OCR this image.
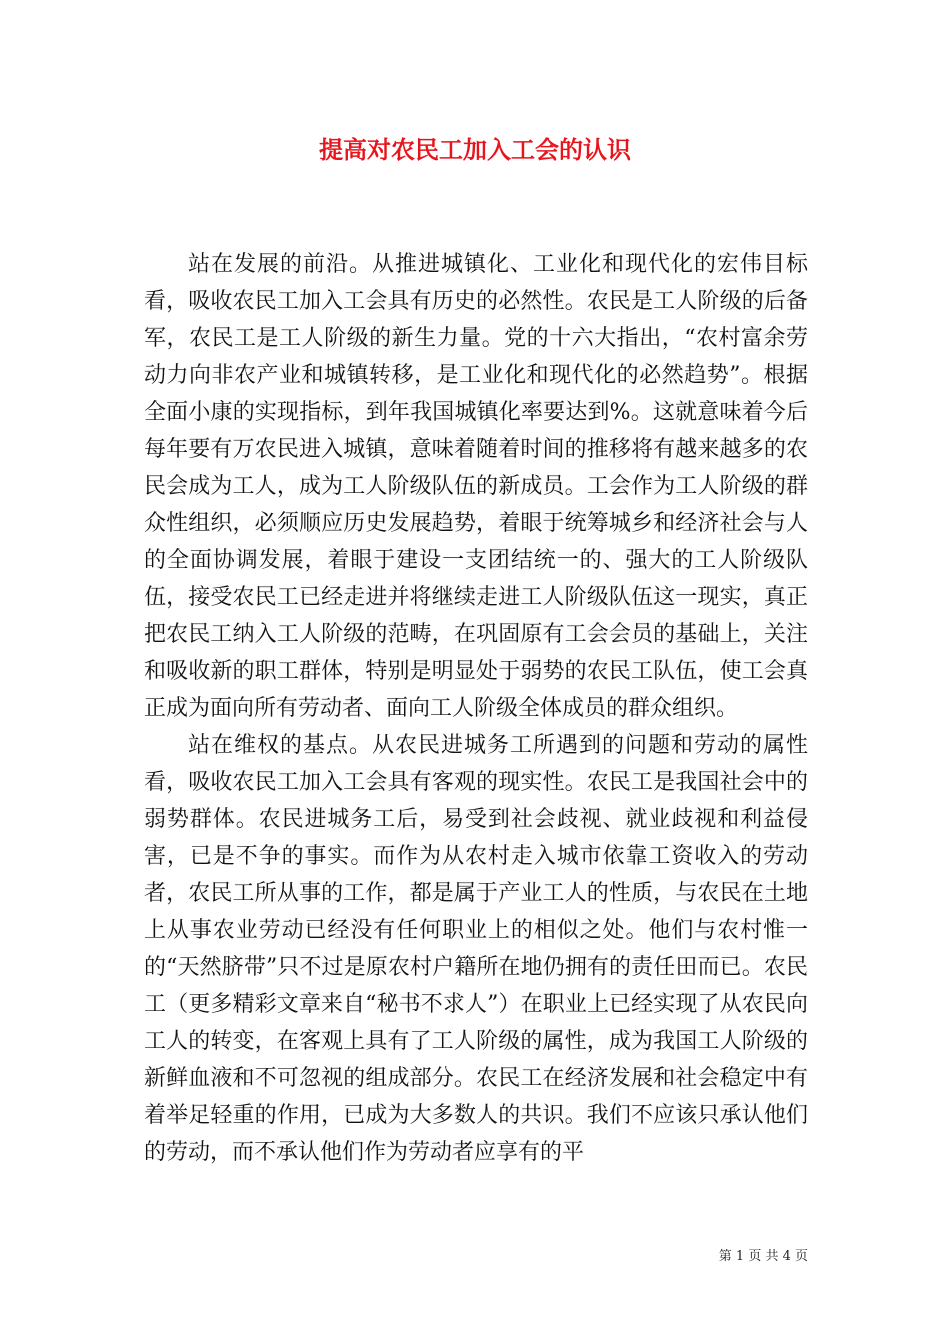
提高对农民工加入工会的认识

站在发展的前沿。从推进城镇化、工业化和现代化的宏伟目标看，吸收农民工加入工会具有历史的必然性。农民是工人阶级的后备军，农民工是工人阶级的新生力量。党的十六大指出，“农村富余劳动力向非农产业和城镇转移，是工业化和现代化的必然趋势”。根据全面小康的实现指标，到年我国城镇化率要达到%。这就意味着今后每年要有万农民进入城镇，意味着随着时间的推移将有越来越多的农民会成为工人，成为工人阶级队伍的新成员。工会作为工人阶级的群众性组织，必须顺应历史发展趋势，着眼于统筹城乡和经济社会与人的全面协调发展，着眼于建设一支团结统一的、强大的工人阶级队伍，接受农民工已经走进并将继续走进工人阶级队伍这一现实，真正把农民工纳入工人阶级的范畴，在巩固原有工会会员的基础上，关注和吸收新的职工群体，特别是明显处于弱势的农民工队伍，使工会真正成为面向所有劳动者、面向工人阶级全体成员的群众组织。

站在维权的基点。从农民进城务工所遇到的问题和劳动的属性看，吸收农民工加入工会具有客观的现实性。农民工是我国社会中的弱势群体。农民进城务工后，易受到社会歧视、就业歧视和利益侵害，已是不争的事实。而作为从农村走入城市依靠工资收入的劳动者，农民工所从事的工作，都是属于产业工人的性质，与农民在土地上从事农业劳动已经没有任何职业上的相似之处。他们与农村惟一的“天然脐带”只不过是原农村户籍所在地仍拥有的责任田而已。农民工（更多精彩文章来自“秘书不求人”）在职业上已经实现了从农民向工人的转变，在客观上具有了工人阶级的属性，成为我国工人阶级的新鲜血液和不可忽视的组成部分。农民工在经济发展和社会稳定中有着举足轻重的作用，已成为大多数人的共识。我们不应该只承认他们的劳动，而不承认他们作为劳动者应享有的平

第 1 页 共 4 页
